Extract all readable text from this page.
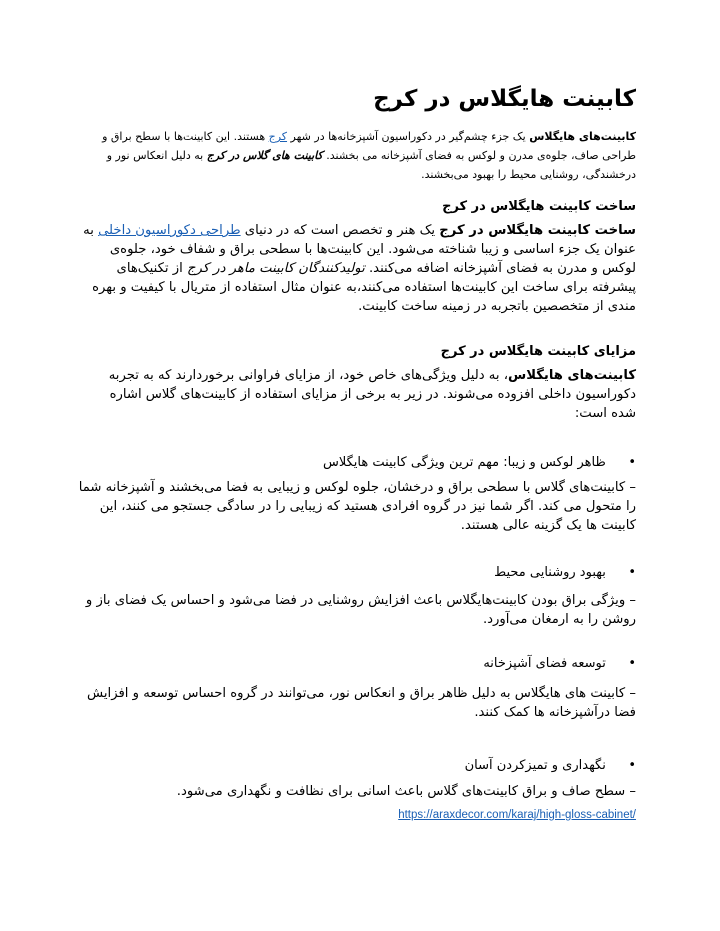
کابینت هایگلاس در کرج

کابینت‌های هایگلاس یک جزء چشم‌گیر در دکوراسیون آشپزخانه‌ها در شهر کرج هستند. این کابینت‌ها با سطح براق و طراحی صاف، جلوه‌ی مدرن و لوکس به فضای آشپزخانه می بخشند. کابینت های گلاس در کرج به دلیل انعکاس نور و درخشندگی، روشنایی محیط را بهبود می‌بخشند.

ساخت کابینت هایگلاس در کرج

ساخت کابینت هایگلاس در کرج یک هنر و تخصص است که در دنیای طراحی دکوراسیون داخلی به عنوان یک جزء اساسی و زیبا شناخته می‌شود. این کابینت‌ها با سطحی براق و شفاف خود، جلوه‌ی لوکس و مدرن به فضای آشپزخانه اضافه می‌کنند. تولیدکنندگان کابینت ماهر در کرج از تکنیک‌های پیشرفته برای ساخت این کابینت‌ها استفاده می‌کنند،به عنوان مثال استفاده از متریال با کیفیت و بهره مندی از متخصصین باتجربه در زمینه ساخت کابینت.

مزایای کابینت هایگلاس در کرج

کابینت‌های هایگلاس، به دلیل ویژگی‌های خاص خود، از مزایای فراوانی برخوردارند که به تجربه دکوراسیون داخلی افزوده می‌شوند. در زیر به برخی از مزایای استفاده از کابینت‌های گلاس اشاره شده است:

• ظاهر لوکس و زیبا: مهم ترین ویژگی کابینت هایگلاس

– کابینت‌های گلاس با سطحی براق و درخشان، جلوه لوکس و زیبایی به فضا می‌بخشند و آشپزخانه شما را متحول می کند. اگر شما نیز در گروه افرادی هستید که زیبایی را در سادگی جستجو می کنند، این کابینت ها یک گزینه عالی هستند.

• بهبود روشنایی محیط

– ویژگی براق بودن کابینت‌هایگلاس باعث افزایش روشنایی در فضا می‌شود و احساس یک فضای باز و روشن را به ارمغان می‌آورد.

• توسعه فضای آشپزخانه

– کابینت های هایگلاس به دلیل ظاهر براق و انعکاس نور، می‌توانند در گروه احساس توسعه و افزایش فضا درآشپزخانه ها کمک کنند.

• نگهداری و تمیزکردن آسان

– سطح صاف و براق کابینت‌های گلاس باعث اسانی برای نظافت و نگهداری می‌شود.

https://araxdecor.com/karaj/high-gloss-cabinet/
